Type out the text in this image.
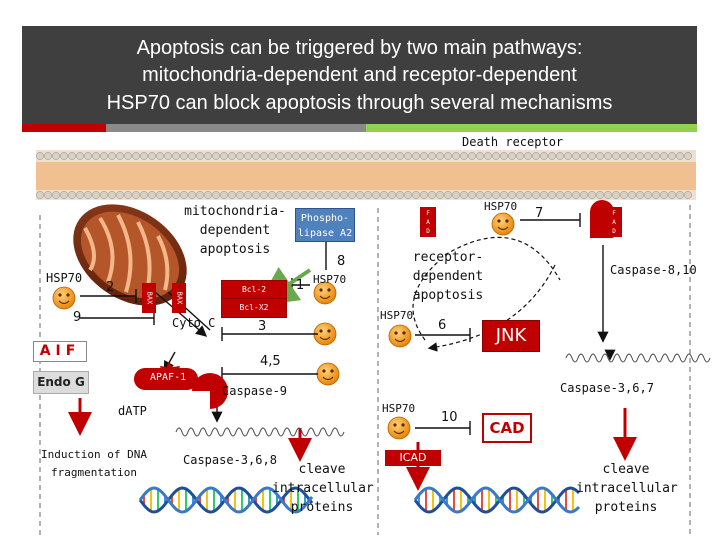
Apoptosis can be triggered by two main pathways:
mitochondria-dependent and receptor-dependent
HSP70 can block apoptosis through several mechanisms
Death receptor
mitochondria-
dependent
apoptosis
HSP70
2
9
BAX	BAX
Bcl-2
Bcl-X2
1 HSP70
Phospho-
lipase A2
8
Cyto C	3
AIF
Endo G
4,5
APAF-1
Caspase-9
dATP
Induction of DNA
fragmentation
Caspase-3,6,8
cleave
intracellular
proteins
F
A
D
D
F
A
D
D
HSP70 7
receptor-
dependent
apoptosis
Caspase-8,10
HSP70
6	JNK
Caspase-3,6,7
HSP70
10
CAD
ICAD
cleave
intracellular
proteins
